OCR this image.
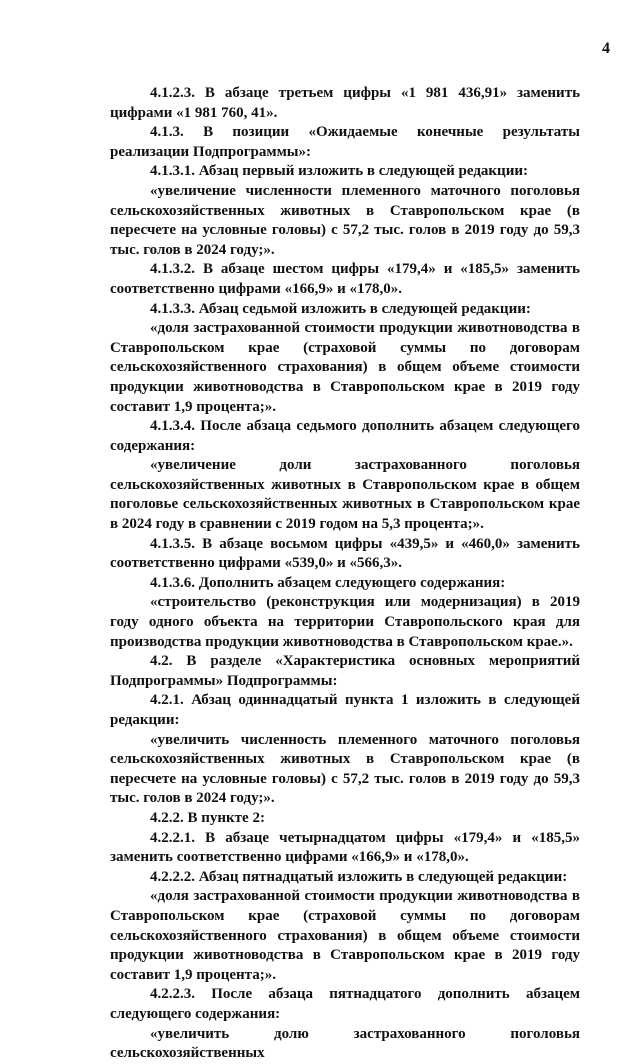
4

4.1.2.3. В абзаце третьем цифры «1 981 436,91» заменить цифрами «1 981 760, 41».

4.1.3. В позиции «Ожидаемые конечные результаты реализации Подпрограммы»:

4.1.3.1. Абзац первый изложить в следующей редакции:

«увеличение численности племенного маточного поголовья сельскохозяйственных животных в Ставропольском крае (в пересчете на условные головы) с 57,2 тыс. голов в 2019 году до 59,3 тыс. голов в 2024 году;».

4.1.3.2. В абзаце шестом цифры «179,4» и «185,5» заменить соответственно цифрами «166,9» и «178,0».

4.1.3.3. Абзац седьмой изложить в следующей редакции:

«доля застрахованной стоимости продукции животноводства в Ставропольском крае (страховой суммы по договорам сельскохозяйственного страхования) в общем объеме стоимости продукции животноводства в Ставропольском крае в 2019 году составит 1,9 процента;».

4.1.3.4. После абзаца седьмого дополнить абзацем следующего содержания:

«увеличение доли застрахованного поголовья сельскохозяйственных животных в Ставропольском крае в общем поголовье сельскохозяйственных животных в Ставропольском крае в 2024 году в сравнении с 2019 годом на 5,3 процента;».

4.1.3.5. В абзаце восьмом цифры «439,5» и «460,0» заменить соответственно цифрами «539,0» и «566,3».

4.1.3.6. Дополнить абзацем следующего содержания:

«строительство (реконструкция или модернизация) в 2019 году одного объекта на территории Ставропольского края для производства продукции животноводства в Ставропольском крае.».

4.2. В разделе «Характеристика основных мероприятий Подпрограммы» Подпрограммы:

4.2.1. Абзац одиннадцатый пункта 1 изложить в следующей редакции:

«увеличить численность племенного маточного поголовья сельскохозяйственных животных в Ставропольском крае (в пересчете на условные головы) с 57,2 тыс. голов в 2019 году до 59,3 тыс. голов в 2024 году;».

4.2.2. В пункте 2:

4.2.2.1. В абзаце четырнадцатом цифры «179,4» и «185,5» заменить соответственно цифрами «166,9» и «178,0».

4.2.2.2. Абзац пятнадцатый изложить в следующей редакции:

«доля застрахованной стоимости продукции животноводства в Ставропольском крае (страховой суммы по договорам сельскохозяйственного страхования) в общем объеме стоимости продукции животноводства в Ставропольском крае в 2019 году составит 1,9 процента;».

4.2.2.3. После абзаца пятнадцатого дополнить абзацем следующего содержания:

«увеличить долю застрахованного поголовья сельскохозяйственных
